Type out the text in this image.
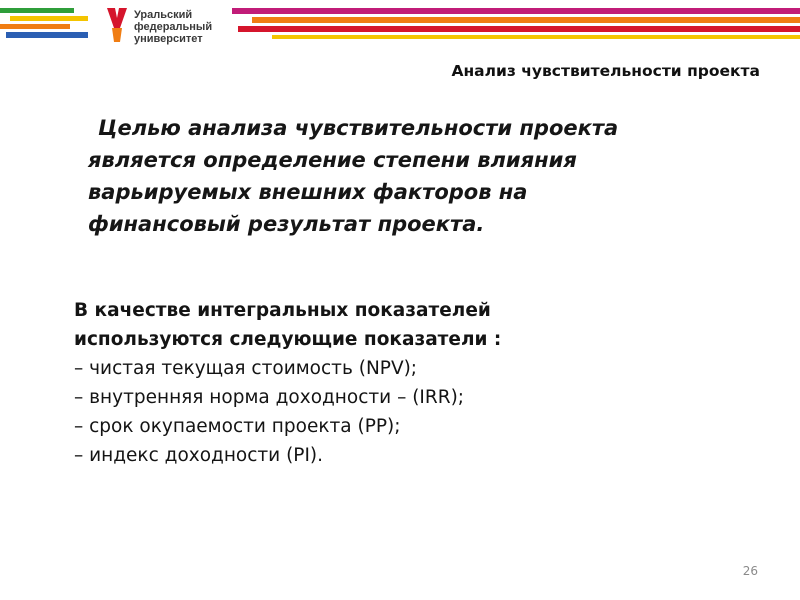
Уральский
федеральный
университет
Анализ чувствительности проекта
Целью анализа чувствительности проекта
является определение степени влияния
варьируемых внешних факторов на
финансовый результат проекта.
В качестве интегральных показателей
используются следующие показатели :
– чистая текущая стоимость (NPV);
– внутренняя норма доходности – (IRR);
– срок окупаемости проекта (PP);
– индекс доходности (PI).
26
